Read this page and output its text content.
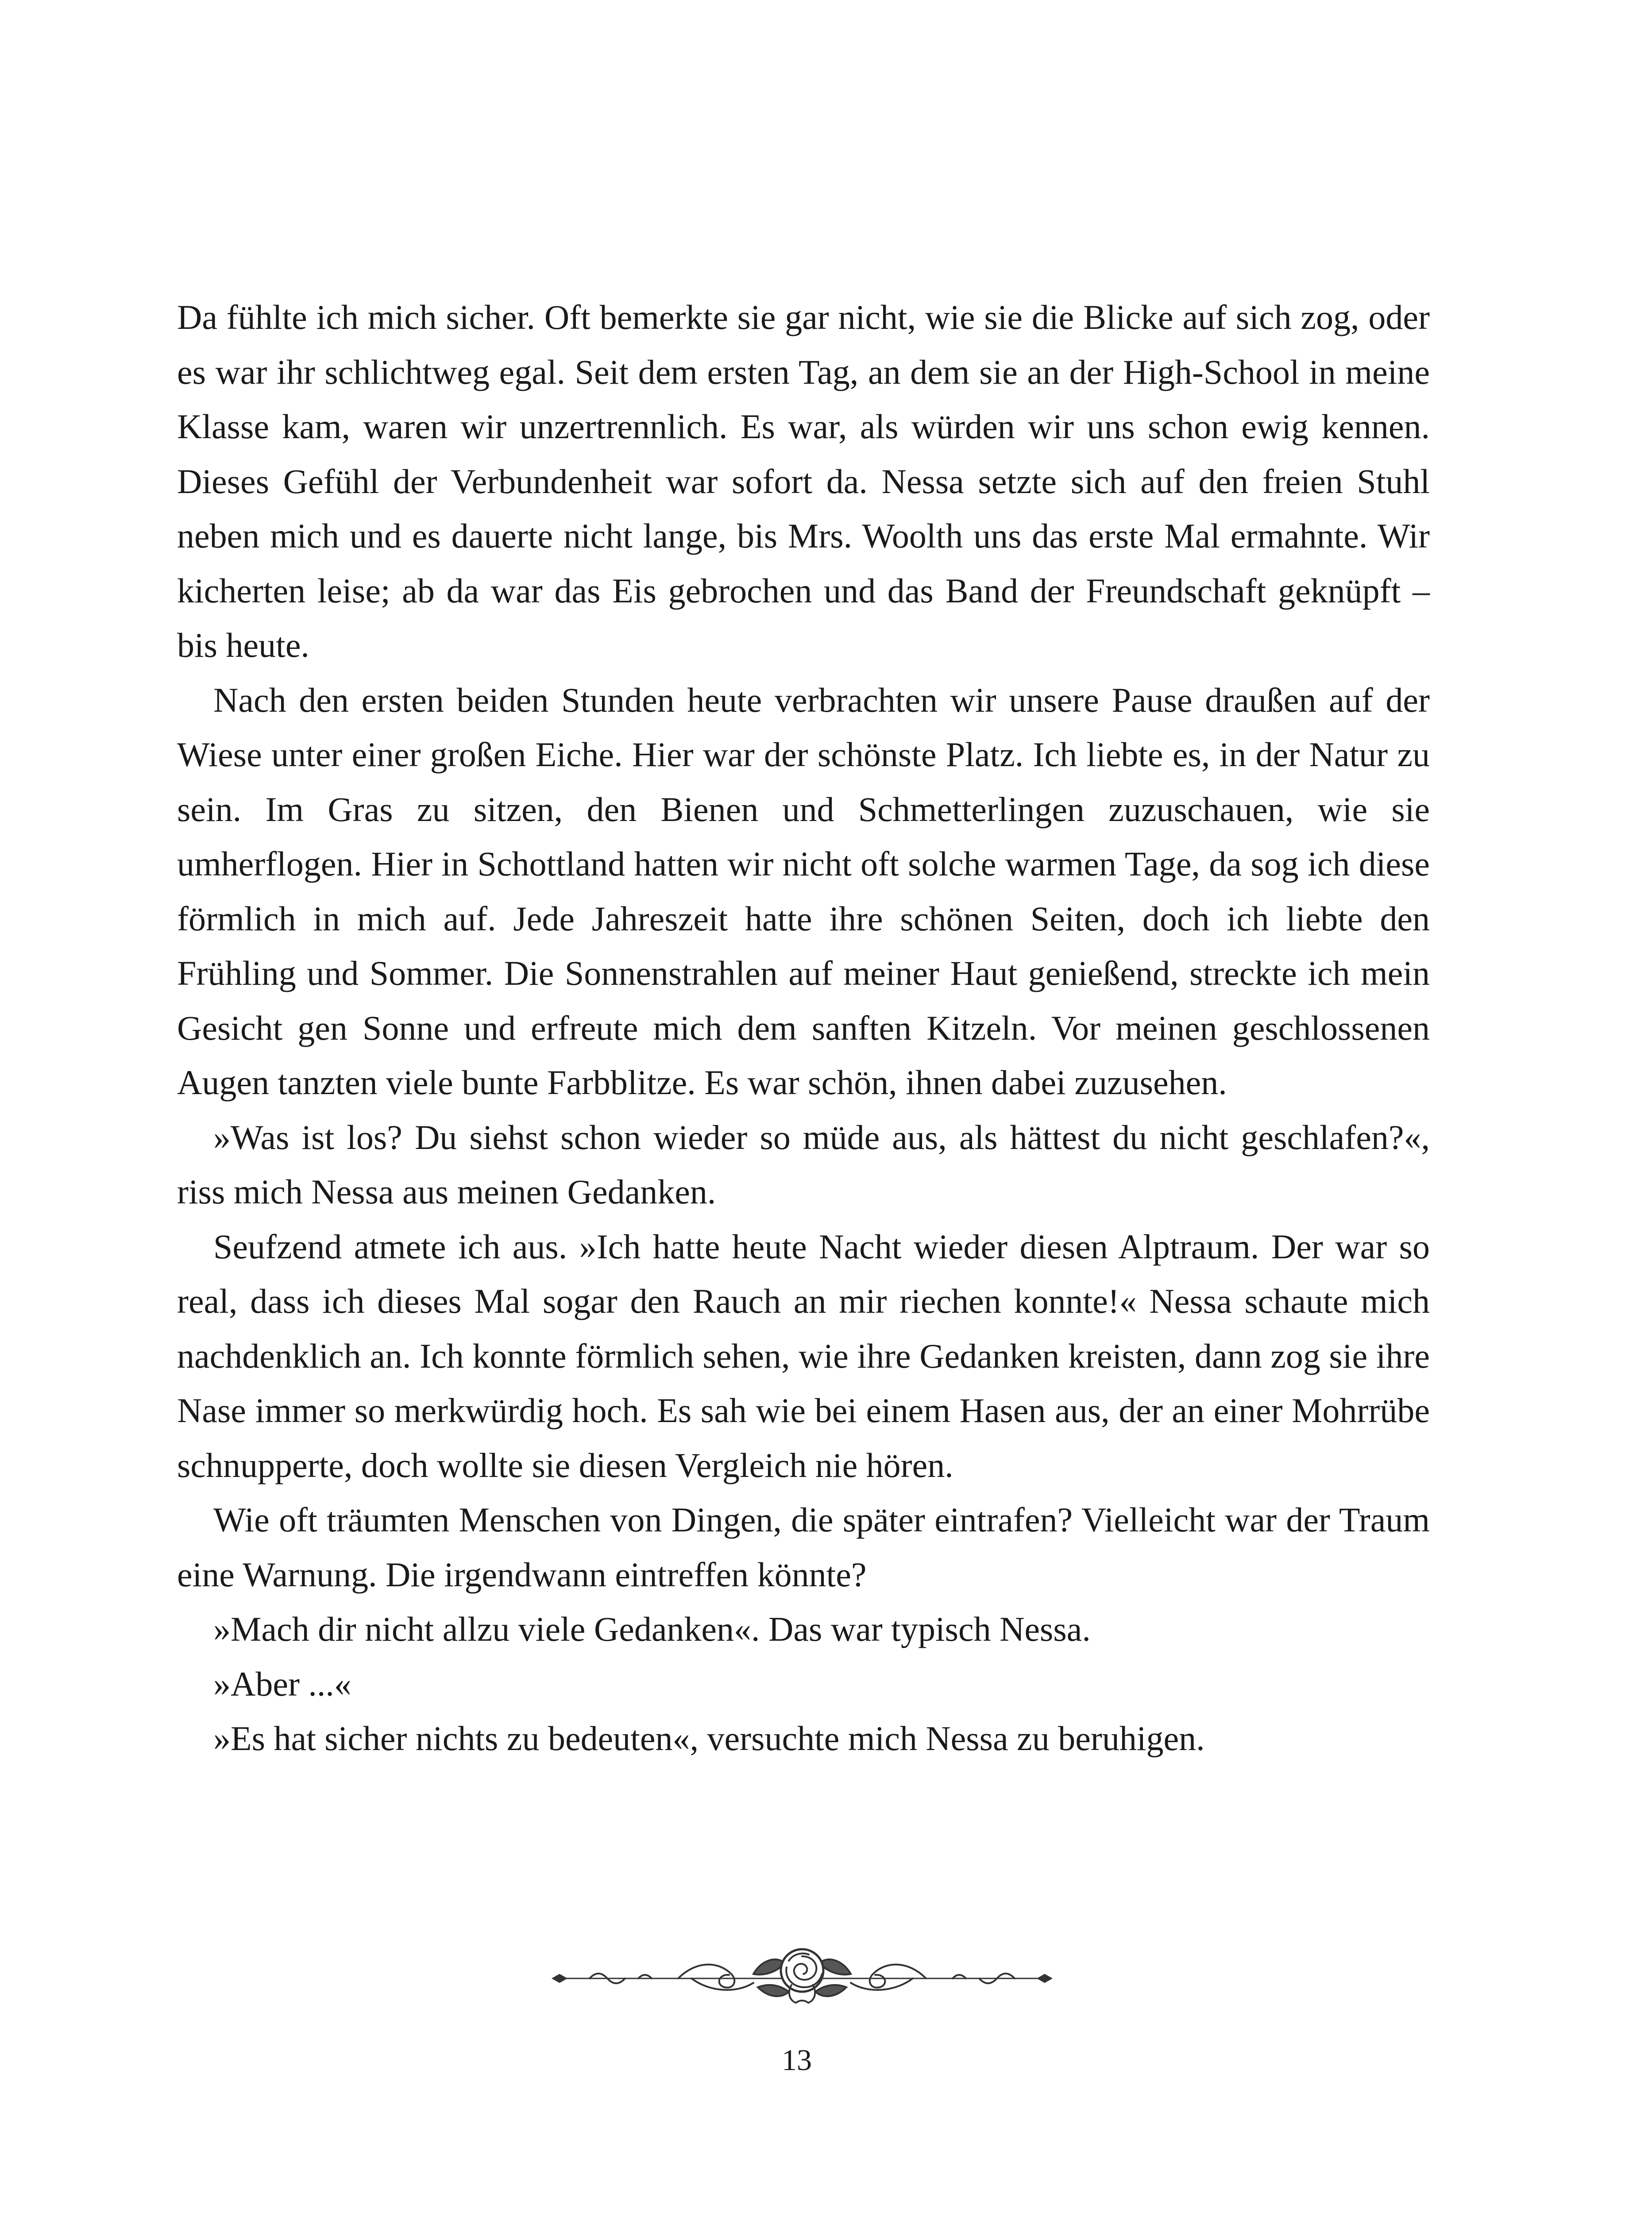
Da fühlte ich mich sicher. Oft bemerkte sie gar nicht, wie sie die Blicke auf sich zog, oder es war ihr schlichtweg egal. Seit dem ersten Tag, an dem sie an der High-School in meine Klasse kam, waren wir unzertrennlich. Es war, als würden wir uns schon ewig kennen. Dieses Gefühl der Verbundenheit war sofort da. Nessa setzte sich auf den freien Stuhl neben mich und es dauerte nicht lange, bis Mrs. Woolth uns das erste Mal ermahnte. Wir kicherten leise; ab da war das Eis gebrochen und das Band der Freundschaft geknüpft – bis heute.

Nach den ersten beiden Stunden heute verbrachten wir unsere Pause draußen auf der Wiese unter einer großen Eiche. Hier war der schönste Platz. Ich liebte es, in der Natur zu sein. Im Gras zu sitzen, den Bienen und Schmetterlingen zuzuschauen, wie sie umherflogen. Hier in Schottland hatten wir nicht oft solche warmen Tage, da sog ich diese förmlich in mich auf. Jede Jahreszeit hatte ihre schönen Seiten, doch ich liebte den Frühling und Sommer. Die Sonnenstrahlen auf meiner Haut genießend, streckte ich mein Gesicht gen Sonne und erfreute mich dem sanften Kitzeln. Vor meinen geschlossenen Augen tanzten viele bunte Farbblitze. Es war schön, ihnen dabei zuzusehen.

»Was ist los? Du siehst schon wieder so müde aus, als hättest du nicht geschlafen?«, riss mich Nessa aus meinen Gedanken.

Seufzend atmete ich aus. »Ich hatte heute Nacht wieder diesen Alptraum. Der war so real, dass ich dieses Mal sogar den Rauch an mir riechen konnte!« Nessa schaute mich nachdenklich an. Ich konnte förmlich sehen, wie ihre Gedanken kreisten, dann zog sie ihre Nase immer so merkwürdig hoch. Es sah wie bei einem Hasen aus, der an einer Mohrrübe schnupperte, doch wollte sie diesen Vergleich nie hören.

Wie oft träumten Menschen von Dingen, die später eintrafen? Vielleicht war der Traum eine Warnung. Die irgendwann eintreffen könnte?

»Mach dir nicht allzu viele Gedanken«. Das war typisch Nessa.

»Aber ...«

»Es hat sicher nichts zu bedeuten«, versuchte mich Nessa zu beruhigen.

13
